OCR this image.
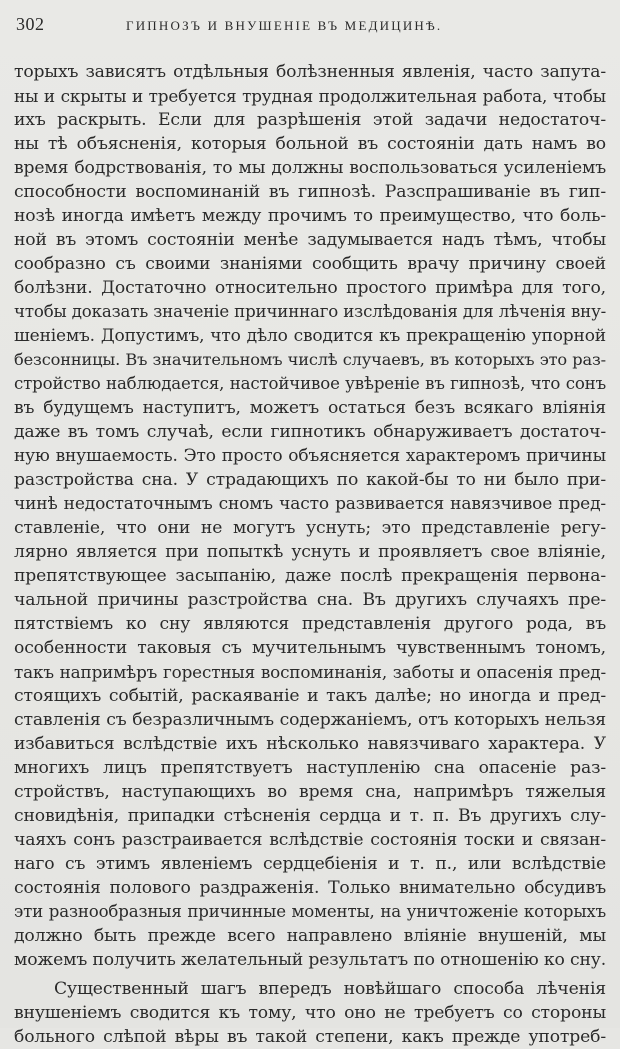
302	ГИПНОЗЪ И ВНУШЕНІЕ ВЪ МЕДИЦИНѢ.
торыхъ зависятъ отдѣльныя болѣзненныя явленія, часто запута-
ны и скрыты и требуется трудная продолжительная работа, чтобы
ихъ раскрыть. Если для разрѣшенія этой задачи недостаточ-
ны тѣ объясненія, которыя больной въ состояніи дать намъ во
время бодрствованія, то мы должны воспользоваться усиленіемъ
способности воспоминаній въ гипнозѣ. Разспрашиваніе въ гип-
нозѣ иногда имѣетъ между прочимъ то преимущество, что боль-
ной въ этомъ состояніи менѣе задумывается надъ тѣмъ, чтобы
сообразно съ своими знаніями сообщить врачу причину своей
болѣзни. Достаточно относительно простого примѣра для того,
чтобы доказать значеніе причиннаго изслѣдованія для лѣченія вну-
шеніемъ. Допустимъ, что дѣло сводится къ прекращенію упорной
безсонницы. Въ значительномъ числѣ случаевъ, въ которыхъ это раз-
стройство наблюдается, настойчивое увѣреніе въ гипнозѣ, что сонъ
въ будущемъ наступитъ, можетъ остаться безъ всякаго вліянія
даже въ томъ случаѣ, если гипнотикъ обнаруживаетъ достаточ-
ную внушаемость. Это просто объясняется характеромъ причины
разстройства сна. У страдающихъ по какой-бы то ни было при-
чинѣ недостаточнымъ сномъ часто развивается навязчивое пред-
ставленіе, что они не могутъ уснуть; это представленіе регу-
лярно является при попыткѣ уснуть и проявляетъ свое вліяніе,
препятствующее засыпанію, даже послѣ прекращенія первона-
чальной причины разстройства сна. Въ другихъ случаяхъ пре-
пятствіемъ ко сну являются представленія другого рода, въ
особенности таковыя съ мучительнымъ чувственнымъ тономъ,
такъ напримѣръ горестныя воспоминанія, заботы и опасенія пред-
стоящихъ событій, раскаяваніе и такъ далѣе; но иногда и пред-
ставленія съ безразличнымъ содержаніемъ, отъ которыхъ нельзя
избавиться вслѣдствіе ихъ нѣсколько навязчиваго характера. У
многихъ лицъ препятствуетъ наступленію сна опасеніе раз-
стройствъ, наступающихъ во время сна, напримѣръ тяжелыя
сновидѣнія, припадки стѣсненія сердца и т. п. Въ другихъ слу-
чаяхъ сонъ разстраивается вслѣдствіе состоянія тоски и связан-
наго съ этимъ явленіемъ сердцебіенія и т. п., или вслѣдствіе
состоянія полового раздраженія. Только внимательно обсудивъ
эти разнообразныя причинные моменты, на уничтоженіе которыхъ
должно быть прежде всего направлено вліяніе внушеній, мы
можемъ получить желательный результатъ по отношенію ко сну.
Существенный шагъ впередъ новѣйшаго способа лѣченія
внушеніемъ сводится къ тому, что оно не требуетъ со стороны
больного слѣпой вѣры въ такой степени, какъ прежде употреб-
